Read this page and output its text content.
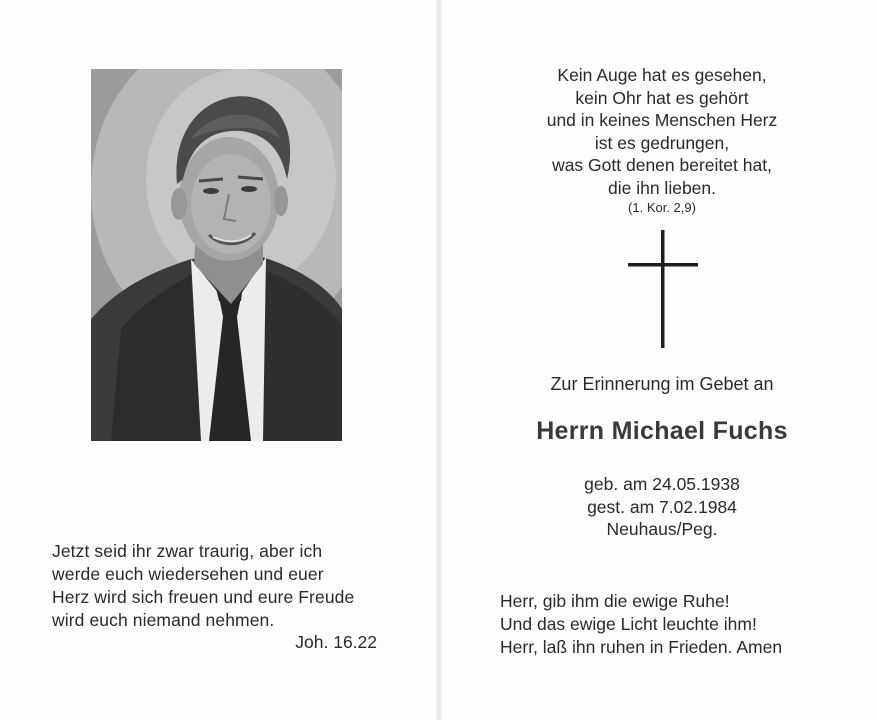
Jetzt seid ihr zwar traurig, aber ich
werde euch wiedersehen und euer
Herz wird sich freuen und eure Freude
wird euch niemand nehmen.
Joh. 16.22
Kein Auge hat es gesehen,
kein Ohr hat es gehört
und in keines Menschen Herz
ist es gedrungen,
was Gott denen bereitet hat,
die ihn lieben.
(1. Kor. 2,9)
Zur Erinnerung im Gebet an
Herrn Michael Fuchs
geb. am 24.05.1938
gest. am 7.02.1984
Neuhaus/Peg.
Herr, gib ihm die ewige Ruhe!
Und das ewige Licht leuchte ihm!
Herr, laß ihn ruhen in Frieden. Amen
